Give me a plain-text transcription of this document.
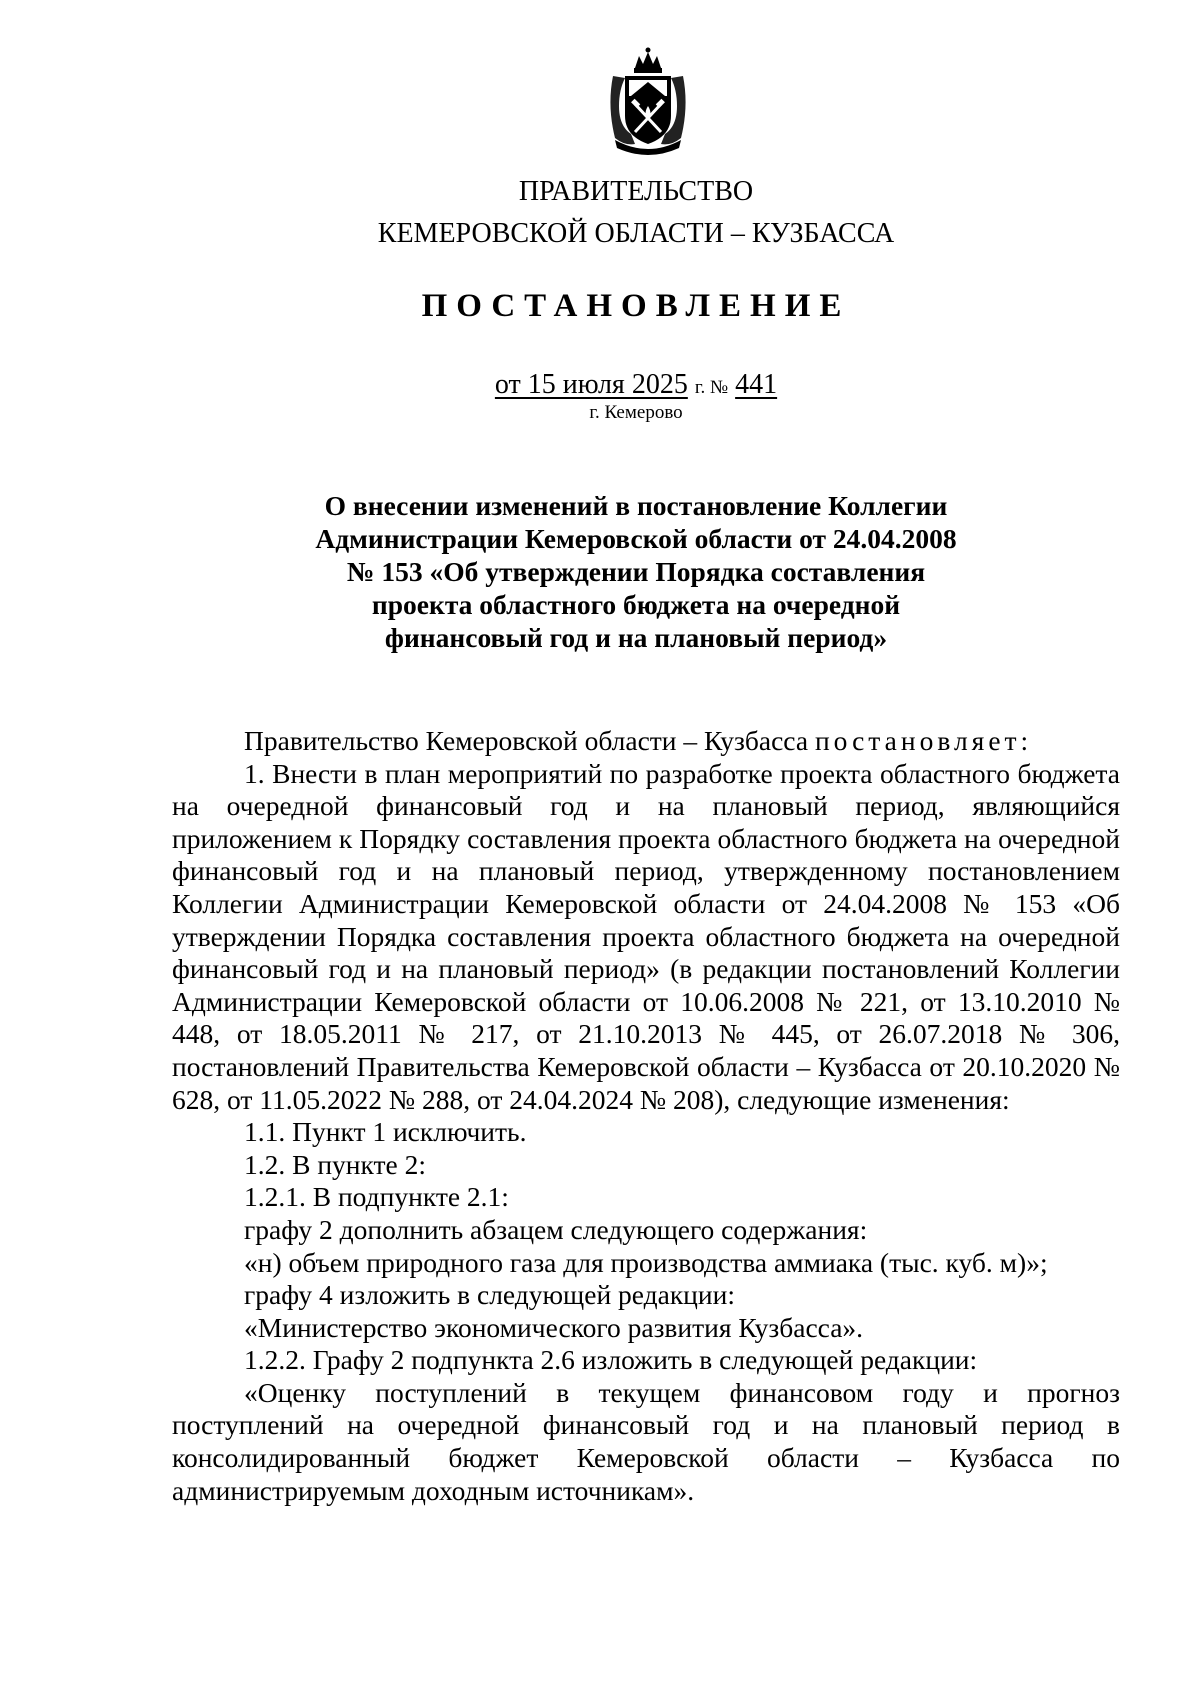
ПРАВИТЕЛЬСТВО
КЕМЕРОВСКОЙ ОБЛАСТИ – КУЗБАССА
ПОСТАНОВЛЕНИЕ
от 15 июля 2025 г. № 441
г. Кемерово
О внесении изменений в постановление Коллегии
Администрации Кемеровской области от 24.04.2008
№ 153 «Об утверждении Порядка составления
проекта областного бюджета на очередной
финансовый год и на плановый период»

Правительство Кемеровской области – Кузбасса постановляет:

1. Внести в план мероприятий по разработке проекта областного бюджета на очередной финансовый год и на плановый период, являющийся приложением к Порядку составления проекта областного бюджета на очередной финансовый год и на плановый период, утвержденному постановлением Коллегии Администрации Кемеровской области от 24.04.2008 № 153 «Об утверждении Порядка составления проекта областного бюджета на очередной финансовый год и на плановый период» (в редакции постановлений Коллегии Администрации Кемеровской области от 10.06.2008 № 221, от 13.10.2010 № 448, от 18.05.2011 № 217, от 21.10.2013 № 445, от 26.07.2018 № 306, постановлений Правительства Кемеровской области – Кузбасса от 20.10.2020 № 628, от 11.05.2022 № 288, от 24.04.2024 № 208), следующие изменения:

1.1. Пункт 1 исключить.

1.2. В пункте 2:

1.2.1. В подпункте 2.1:

графу 2 дополнить абзацем следующего содержания:

«н) объем природного газа для производства аммиака (тыс. куб. м)»;

графу 4 изложить в следующей редакции:

«Министерство экономического развития Кузбасса».

1.2.2. Графу 2 подпункта 2.6 изложить в следующей редакции:

«Оценку поступлений в текущем финансовом году и прогноз поступлений на очередной финансовый год и на плановый период в консолидированный бюджет Кемеровской области – Кузбасса по администрируемым доходным источникам».
